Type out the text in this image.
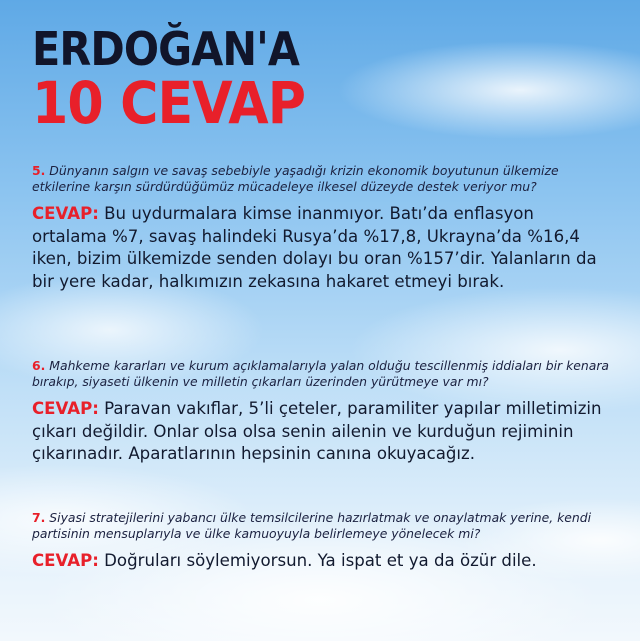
ERDOĞAN'A
10 CEVAP

5. Dünyanın salgın ve savaş sebebiyle yaşadığı krizin ekonomik boyutunun ülkemize etkilerine karşın sürdürdüğümüz mücadeleye ilkesel düzeyde destek veriyor mu?

CEVAP: Bu uydurmalara kimse inanmıyor. Batı’da enflasyon ortalama %7, savaş halindeki Rusya’da %17,8, Ukrayna’da %16,4 iken, bizim ülkemizde senden dolayı bu oran %157’dir. Yalanların da bir yere kadar, halkımızın zekasına hakaret etmeyi bırak.

6. Mahkeme kararları ve kurum açıklamalarıyla yalan olduğu tescillenmiş iddiaları bir kenara bırakıp, siyaseti ülkenin ve milletin çıkarları üzerinden yürütmeye var mı?

CEVAP: Paravan vakıflar, 5’li çeteler, paramiliter yapılar milletimizin çıkarı değildir. Onlar olsa olsa senin ailenin ve kurduğun rejiminin çıkarınadır. Aparatlarının hepsinin canına okuyacağız.

7. Siyasi stratejilerini yabancı ülke temsilcilerine hazırlatmak ve onaylatmak yerine, kendi partisinin mensuplarıyla ve ülke kamuoyuyla belirlemeye yönelecek mi?

CEVAP: Doğruları söylemiyorsun. Ya ispat et ya da özür dile.
